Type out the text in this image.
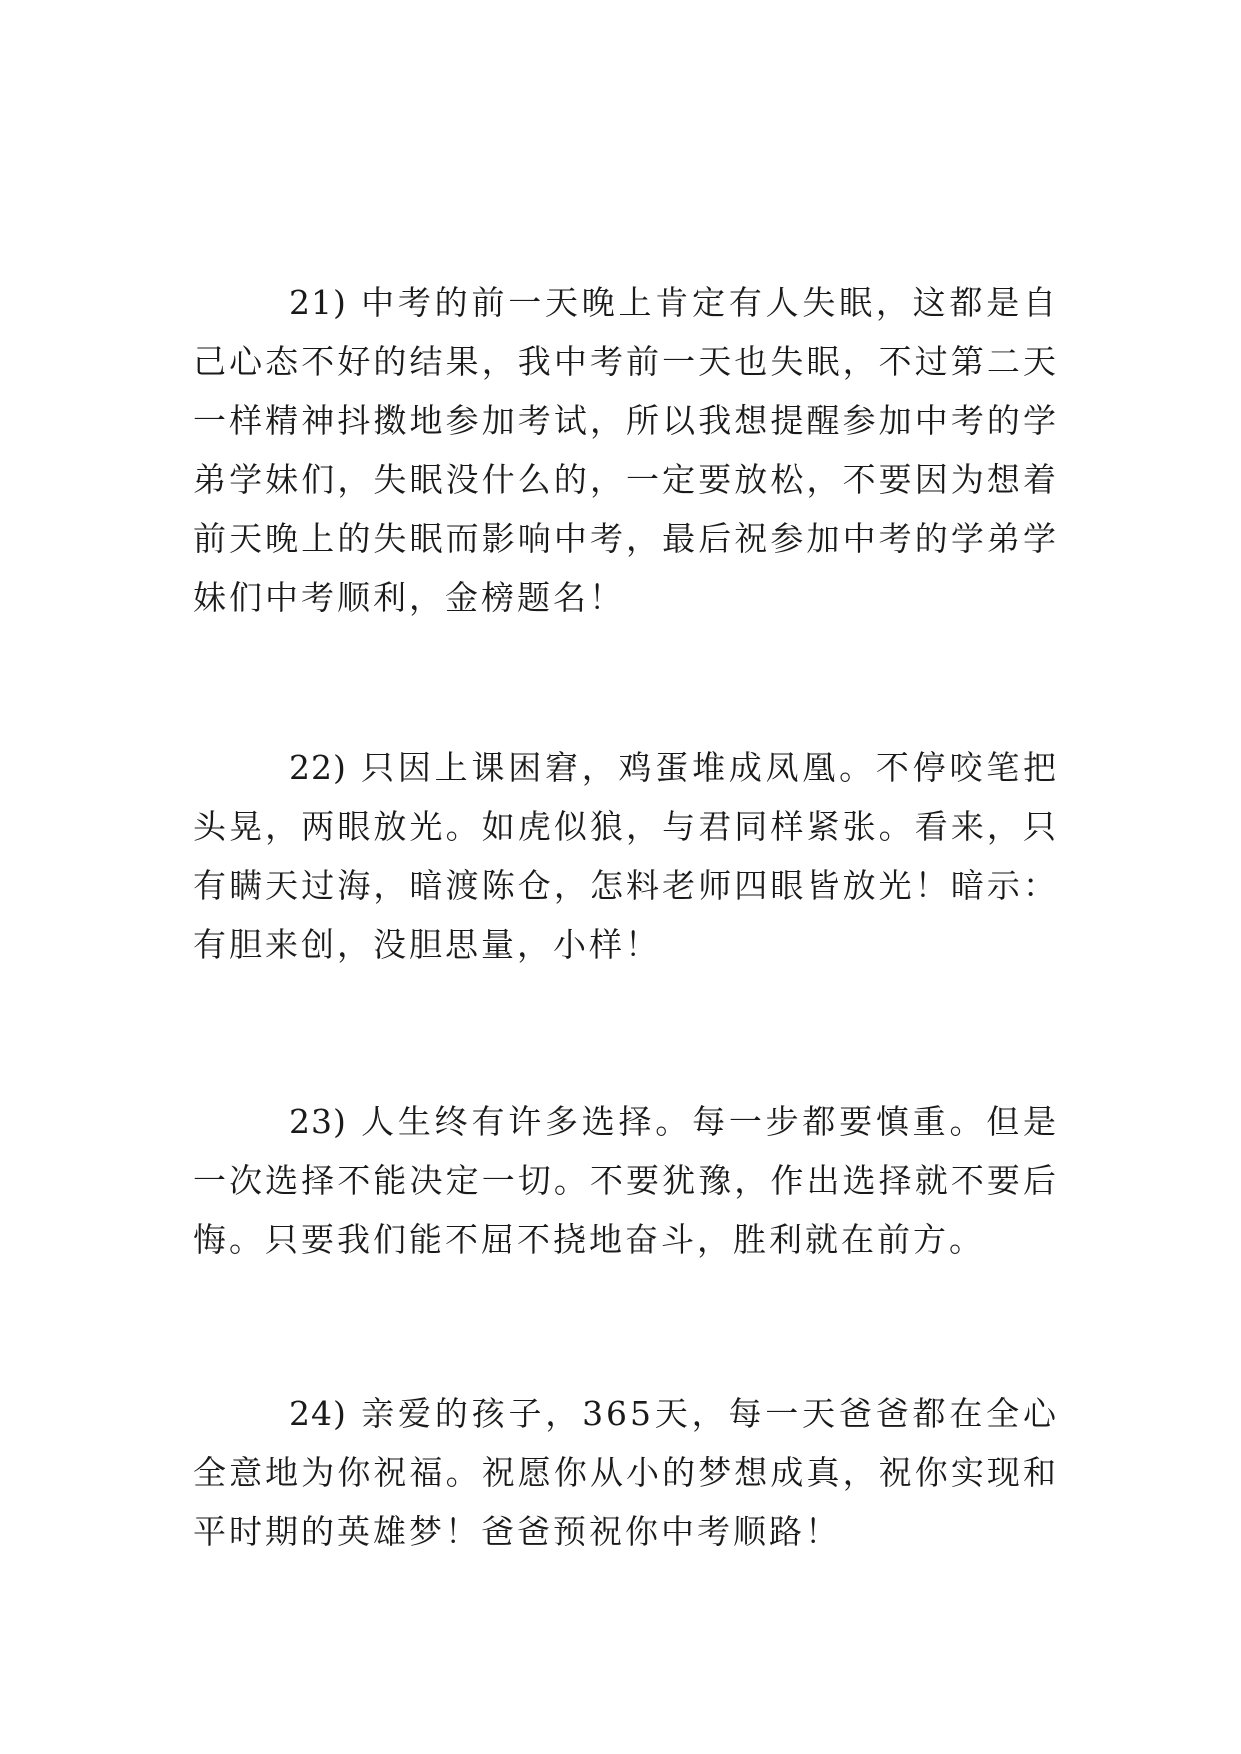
21) 中考的前一天晚上肯定有人失眠，这都是自己心态不好的结果，我中考前一天也失眠，不过第二天一样精神抖擞地参加考试，所以我想提醒参加中考的学弟学妹们，失眠没什么的，一定要放松，不要因为想着前天晚上的失眠而影响中考，最后祝参加中考的学弟学妹们中考顺利，金榜题名！

22) 只因上课困窘，鸡蛋堆成凤凰。不停咬笔把头晃，两眼放光。如虎似狼，与君同样紧张。看来，只有瞒天过海，暗渡陈仓，怎料老师四眼皆放光！暗示：有胆来创，没胆思量，小样！

23) 人生终有许多选择。每一步都要慎重。但是一次选择不能决定一切。不要犹豫，作出选择就不要后悔。只要我们能不屈不挠地奋斗，胜利就在前方。

24) 亲爱的孩子，365天，每一天爸爸都在全心全意地为你祝福。祝愿你从小的梦想成真，祝你实现和平时期的英雄梦！爸爸预祝你中考顺路！
